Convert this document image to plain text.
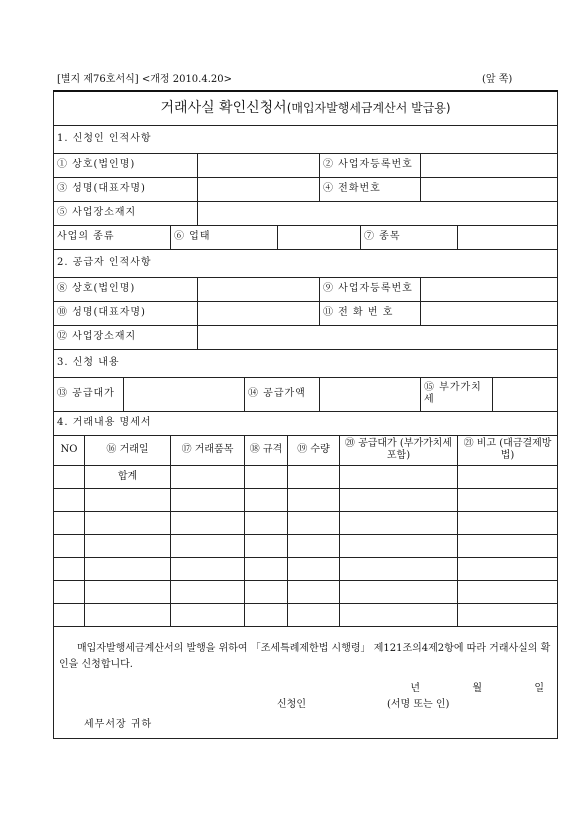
[별지 제76호서식] <개정 2010.4.20>	(앞 쪽)
거래사실 확인신청서(매입자발행세금계산서 발급용)													
1. 신청인 인적사항													
① 상호(법인명)								② 사업자등록번호					
③ 성명(대표자명)								④ 전화번호					
⑤ 사업장소재지													
사업의 종류			⑥ 업태							⑦ 종목			
2. 공급자 인적사항													
⑧ 상호(법인명)								⑨ 사업자등록번호					
⑩ 성명(대표자명)								⑪ 전 화 번 호					
⑫ 사업장소재지													
3. 신청 내용													
⑬ 공급대가					⑭ 공급가액						⑮ 부가가치세		
4. 거래내용 명세서													
NO	⑯ 거래일		⑰ 거래품목		⑱ 규격		⑲ 수량		⑳ 공급대가 (부가가치세포함)			㉑ 비고 (대금결제방법)	
	합계												

매입자발행세금계산서의 발행을 위하여 「조세특례제한법 시행령」 제121조의4제2항에 따라 거래사실의 확인을 신청합니다.

년 월 일
신청인 (서명 또는 인)
세무서장 귀하													
